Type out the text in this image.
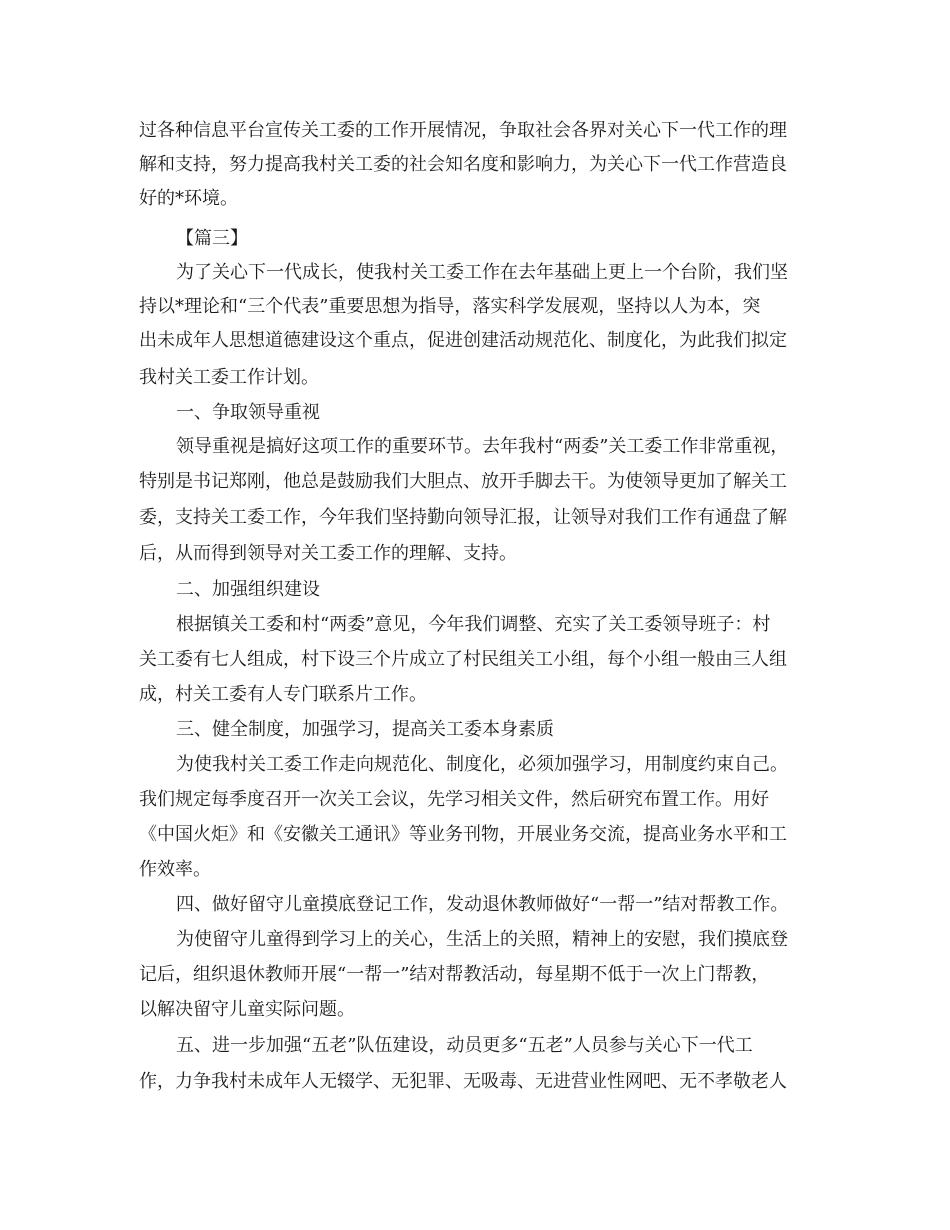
过各种信息平台宣传关工委的工作开展情况，争取社会各界对关心下一代工作的理
解和支持，努力提高我村关工委的社会知名度和影响力，为关心下一代工作营造良
好的*环境。
【篇三】
为了关心下一代成长，使我村关工委工作在去年基础上更上一个台阶，我们坚
持以*理论和“三个代表”重要思想为指导，落实科学发展观，坚持以人为本，突
出未成年人思想道德建设这个重点，促进创建活动规范化、制度化，为此我们拟定
我村关工委工作计划。
一、争取领导重视
领导重视是搞好这项工作的重要环节。去年我村“两委”关工委工作非常重视，
特别是书记郑刚，他总是鼓励我们大胆点、放开手脚去干。为使领导更加了解关工
委，支持关工委工作，今年我们坚持勤向领导汇报，让领导对我们工作有通盘了解
后，从而得到领导对关工委工作的理解、支持。
二、加强组织建设
根据镇关工委和村“两委”意见，今年我们调整、充实了关工委领导班子：村
关工委有七人组成，村下设三个片成立了村民组关工小组，每个小组一般由三人组
成，村关工委有人专门联系片工作。
三、健全制度，加强学习，提高关工委本身素质
为使我村关工委工作走向规范化、制度化，必须加强学习，用制度约束自己。
我们规定每季度召开一次关工会议，先学习相关文件，然后研究布置工作。用好
《中国火炬》和《安徽关工通讯》等业务刊物，开展业务交流，提高业务水平和工
作效率。
四、做好留守儿童摸底登记工作，发动退休教师做好“一帮一”结对帮教工作。
为使留守儿童得到学习上的关心，生活上的关照，精神上的安慰，我们摸底登
记后，组织退休教师开展“一帮一”结对帮教活动，每星期不低于一次上门帮教，
以解决留守儿童实际问题。
五、进一步加强“五老”队伍建设，动员更多“五老”人员参与关心下一代工
作，力争我村未成年人无辍学、无犯罪、无吸毒、无进营业性网吧、无不孝敬老人
